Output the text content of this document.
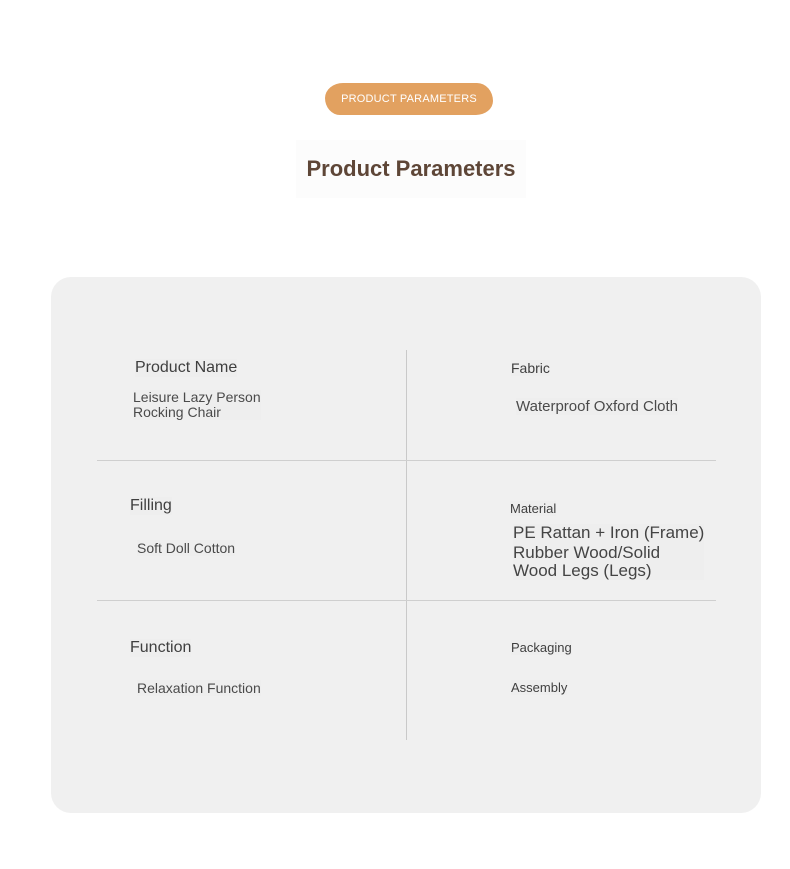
PRODUCT PARAMETERS
Product Parameters
Product Name
Leisure Lazy Person
Rocking Chair
Fabric
Waterproof Oxford Cloth
Filling
Soft Doll Cotton
Material
PE Rattan + Iron (Frame)
Rubber Wood/Solid
Wood Legs (Legs)
Function
Relaxation Function
Packaging
Assembly
